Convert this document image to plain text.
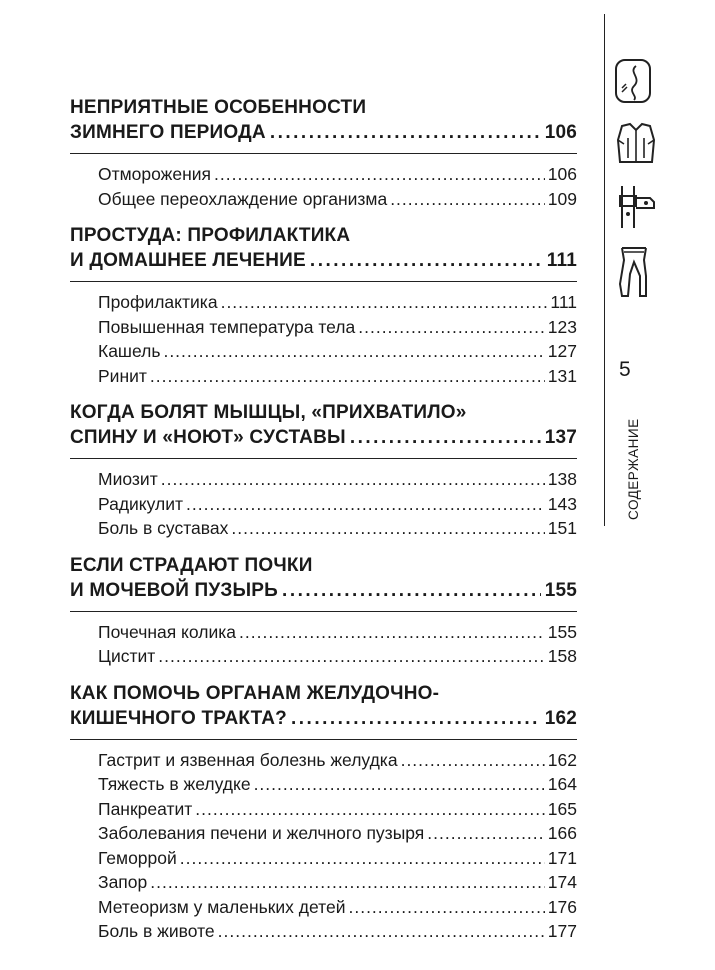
НЕПРИЯТНЫЕ ОСОБЕННОСТИ
ЗИМНЕГО ПЕРИОДА .....	106
Отморожения .....	106
Общее переохлаждение организма .....	109
ПРОСТУДА: ПРОФИЛАКТИКА
И ДОМАШНЕЕ ЛЕЧЕНИЕ .....	111
Профилактика .....	111
Повышенная температура тела .....	123
Кашель .....	127
Ринит .....	131
КОГДА БОЛЯТ МЫШЦЫ, «ПРИХВАТИЛО»
СПИНУ И «НОЮТ» СУСТАВЫ .....	137
Миозит .....	138
Радикулит .....	143
Боль в суставах .....	151
ЕСЛИ СТРАДАЮТ ПОЧКИ
И МОЧЕВОЙ ПУЗЫРЬ .....	155
Почечная колика .....	155
Цистит .....	158
КАК ПОМОЧЬ ОРГАНАМ ЖЕЛУДОЧНО-
КИШЕЧНОГО ТРАКТА? .....	162
Гастрит и язвенная болезнь желудка .....	162
Тяжесть в желудке .....	164
Панкреатит .....	165
Заболевания печени и желчного пузыря .....	166
Геморрой .....	171
Запор .....	174
Метеоризм у маленьких детей .....	176
Боль в животе .....	177
5
СОДЕРЖАНИЕ
